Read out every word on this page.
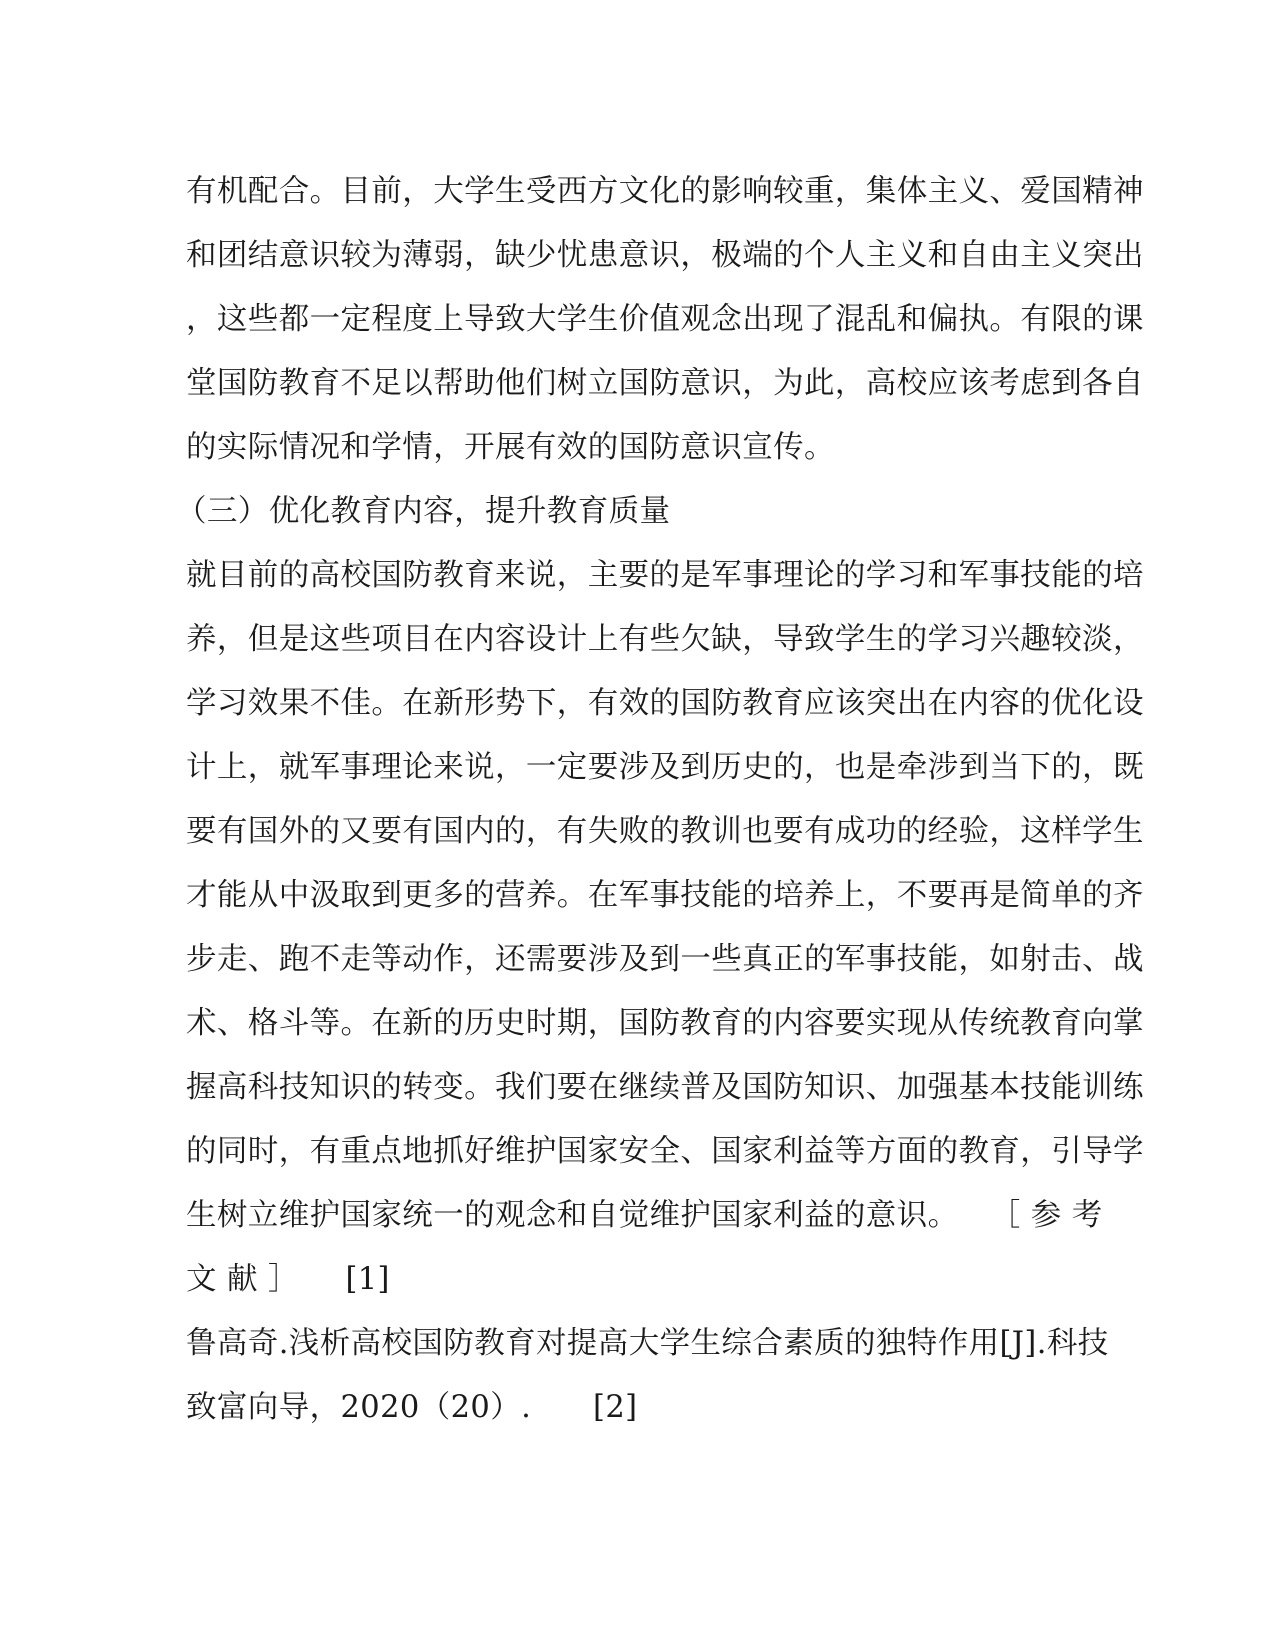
有机配合。目前，大学生受西方文化的影响较重，集体主义、爱国精神
和团结意识较为薄弱，缺少忧患意识，极端的个人主义和自由主义突出
，这些都一定程度上导致大学生价值观念出现了混乱和偏执。有限的课
堂国防教育不足以帮助他们树立国防意识，为此，高校应该考虑到各自
的实际情况和学情，开展有效的国防意识宣传。
（三）优化教育内容，提升教育质量
就目前的高校国防教育来说，主要的是军事理论的学习和军事技能的培
养，但是这些项目在内容设计上有些欠缺，导致学生的学习兴趣较淡，
学习效果不佳。在新形势下，有效的国防教育应该突出在内容的优化设
计上，就军事理论来说，一定要涉及到历史的，也是牵涉到当下的，既
要有国外的又要有国内的，有失败的教训也要有成功的经验，这样学生
才能从中汲取到更多的营养。在军事技能的培养上，不要再是简单的齐
步走、跑不走等动作，还需要涉及到一些真正的军事技能，如射击、战
术、格斗等。在新的历史时期，国防教育的内容要实现从传统教育向掌
握高科技知识的转变。我们要在继续普及国防知识、加强基本技能训练
的同时，有重点地抓好维护国家安全、国家利益等方面的教育，引导学
生树立维护国家统一的观念和自觉维护国家利益的意识。　　［ 参 考
文 献 ］　　[1]
鲁高奇.浅析高校国防教育对提高大学生综合素质的独特作用[J].科技
致富向导，2020（20）.　　[2]
